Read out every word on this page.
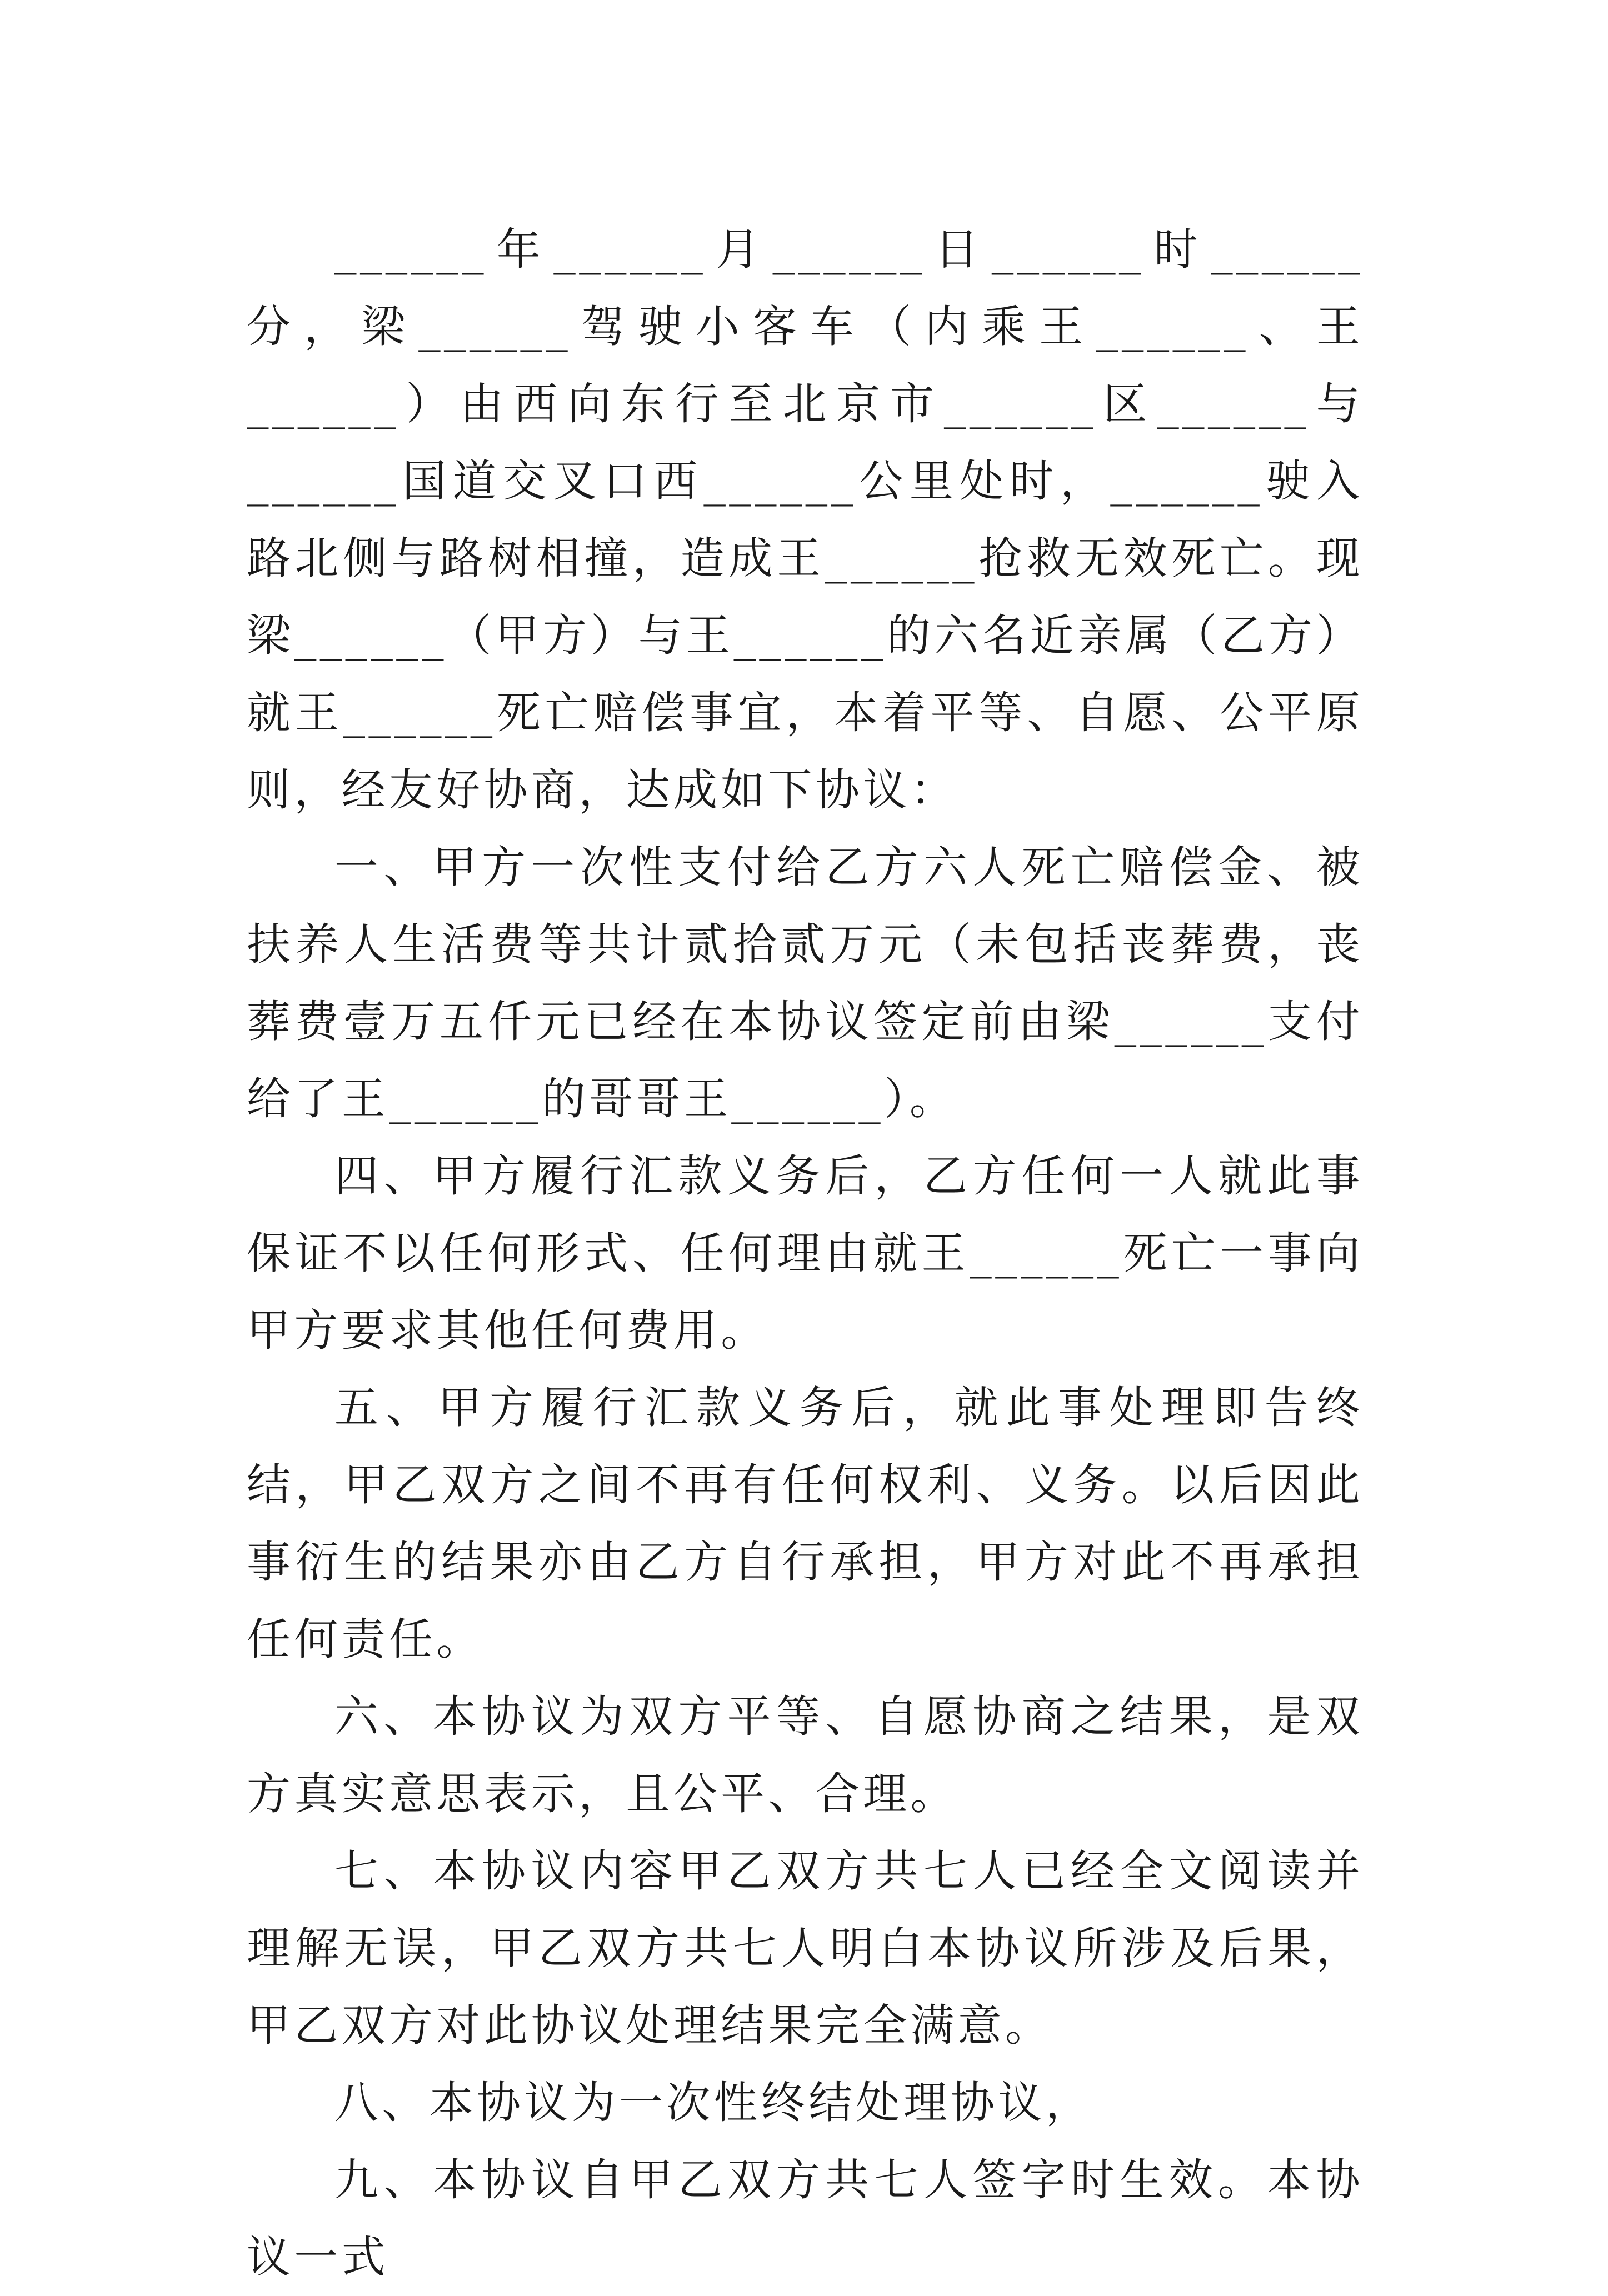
______年______月______日______时______分，梁______驾驶小客车（内乘王______、王______）由西向东行至北京市______区______与______国道交叉口西______公里处时，______驶入路北侧与路树相撞，造成王______抢救无效死亡。现梁______（甲方）与王______的六名近亲属（乙方）就王______死亡赔偿事宜，本着平等、自愿、公平原则，经友好协商，达成如下协议：

一、甲方一次性支付给乙方六人死亡赔偿金、被扶养人生活费等共计贰拾贰万元（未包括丧葬费，丧葬费壹万五仟元已经在本协议签定前由梁______支付给了王______的哥哥王______）。

四、甲方履行汇款义务后，乙方任何一人就此事保证不以任何形式、任何理由就王______死亡一事向甲方要求其他任何费用。

五、甲方履行汇款义务后，就此事处理即告终结，甲乙双方之间不再有任何权利、义务。以后因此事衍生的结果亦由乙方自行承担，甲方对此不再承担任何责任。

六、本协议为双方平等、自愿协商之结果，是双方真实意思表示，且公平、合理。

七、本协议内容甲乙双方共七人已经全文阅读并理解无误，甲乙双方共七人明白本协议所涉及后果，甲乙双方对此协议处理结果完全满意。

八、本协议为一次性终结处理协议，

九、本协议自甲乙双方共七人签字时生效。本协议一式
